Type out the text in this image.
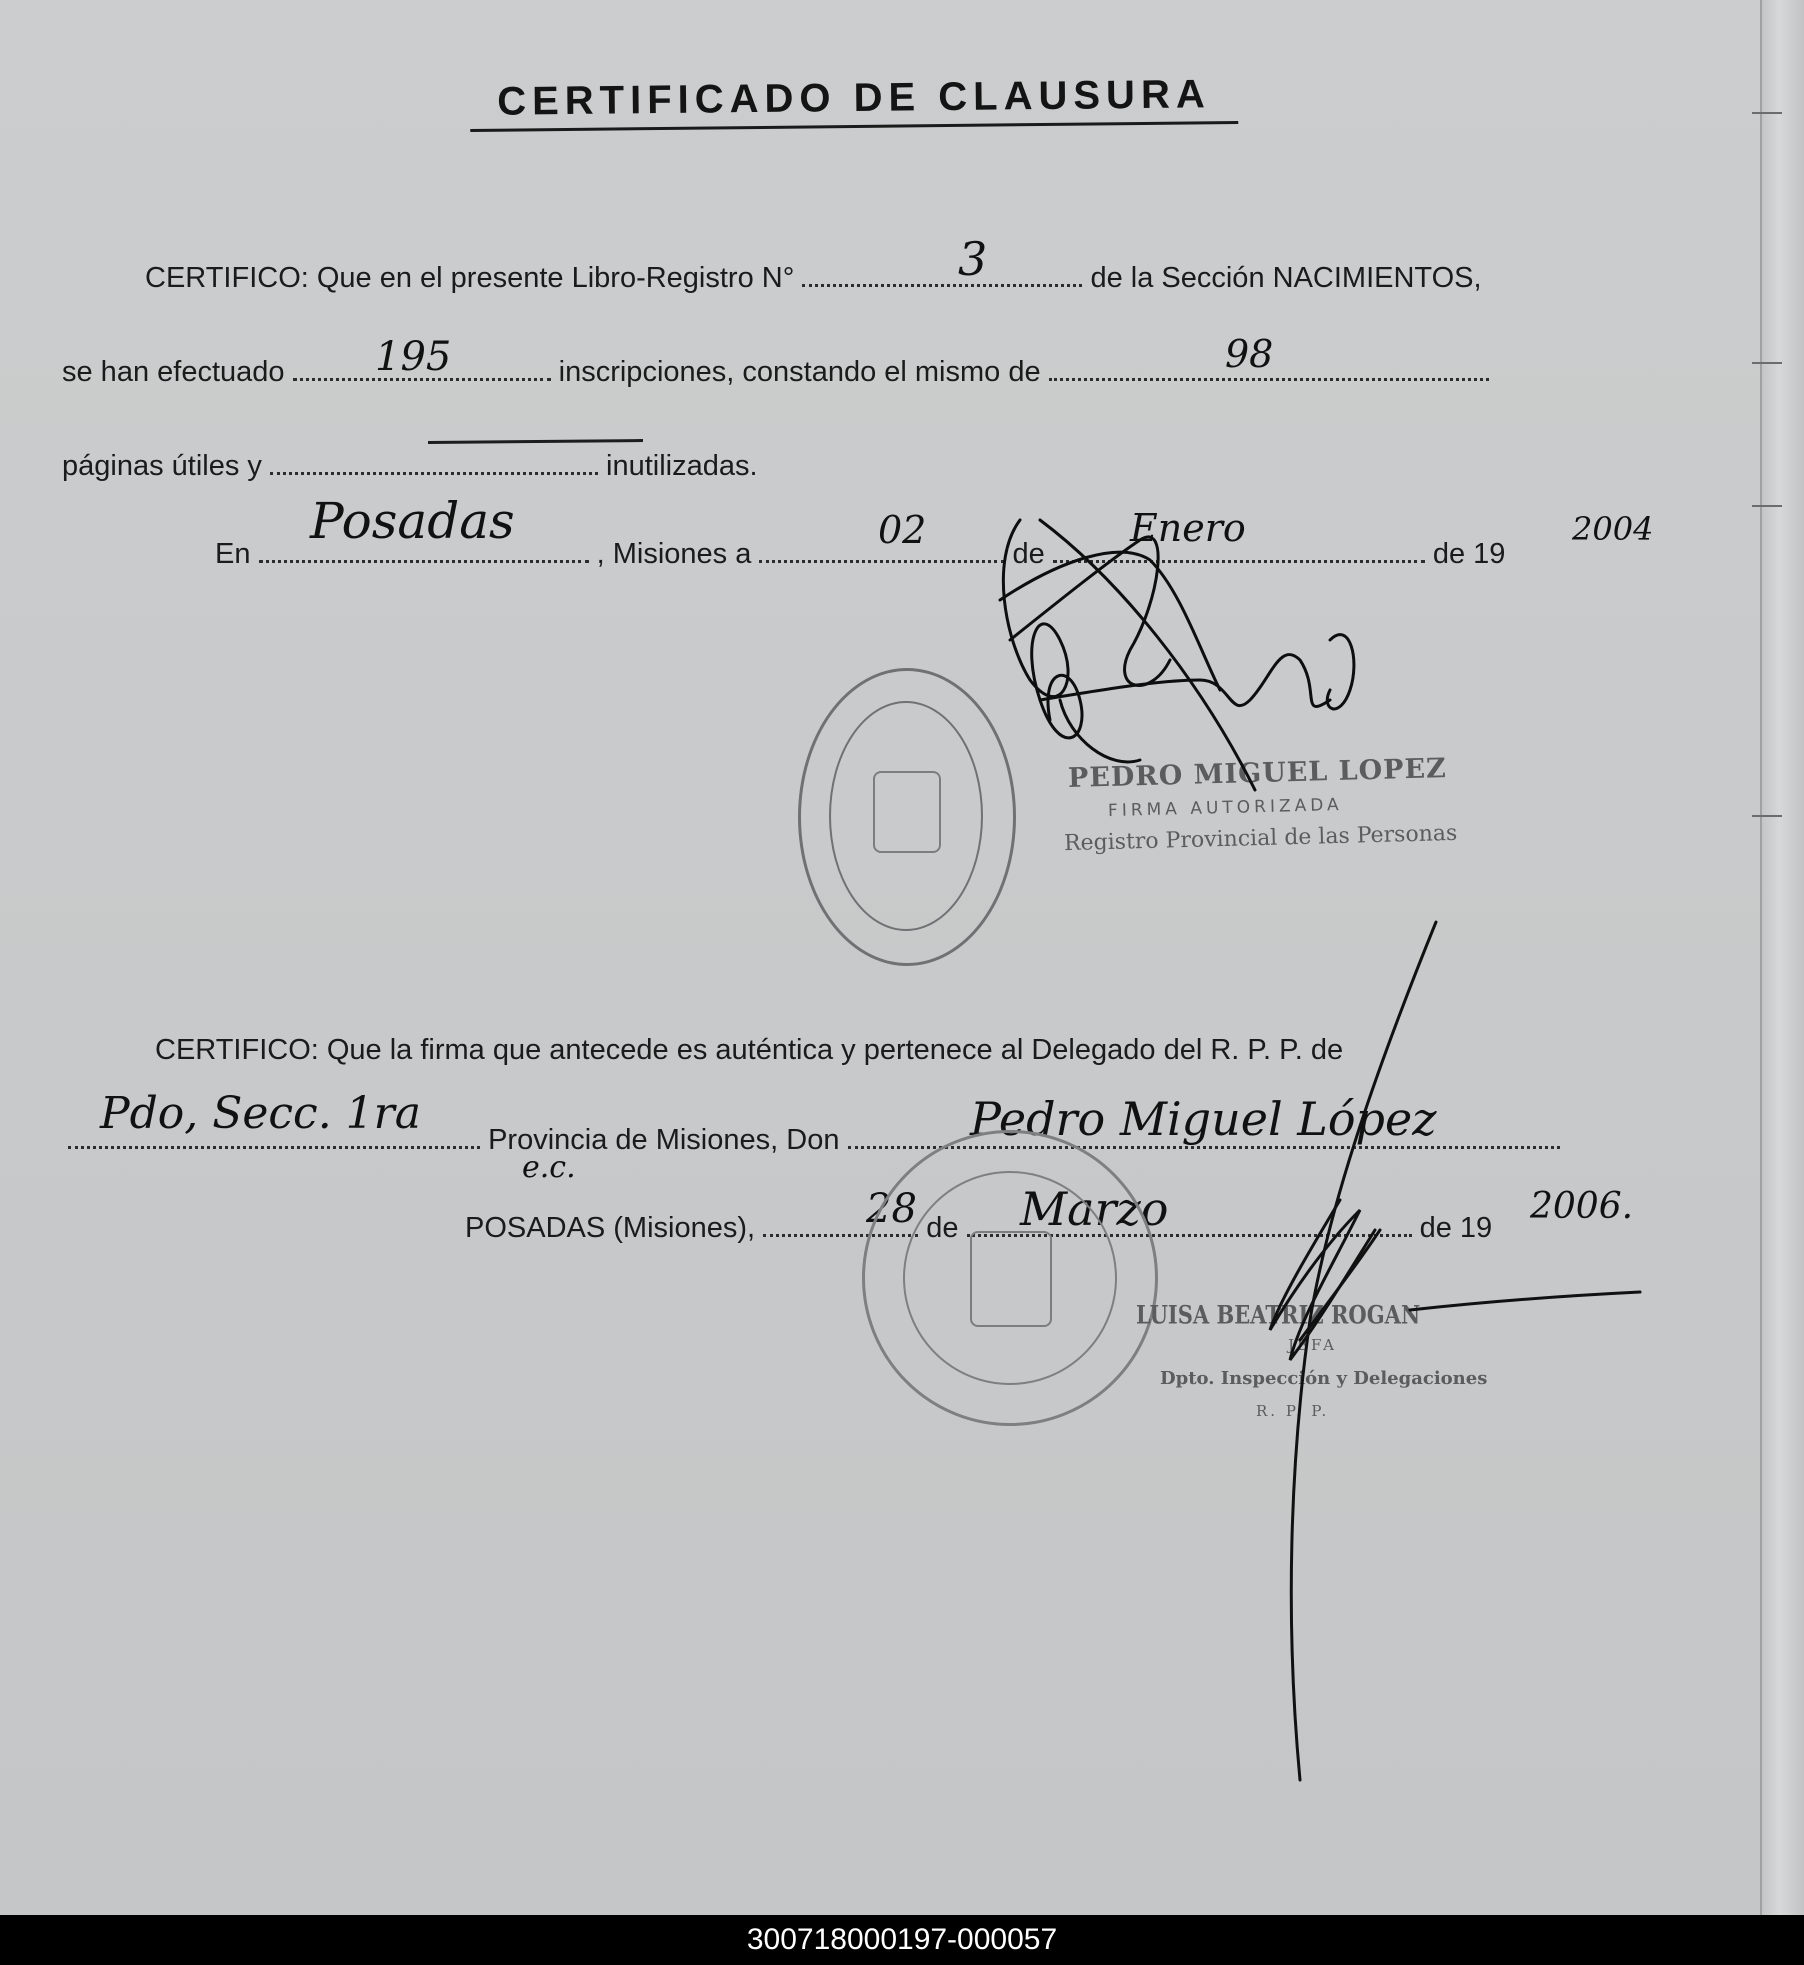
CERTIFICADO DE CLAUSURA
CERTIFICO: Que en el presente Libro-Registro N°	de la Sección NACIMIENTOS,
3
se han efectuado	inscripciones, constando el mismo de
195	98
páginas útiles y	inutilizadas.
En	, Misiones a	de	de 19
Posadas	02	Enero	2004
PEDRO MIGUEL LOPEZ
FIRMA AUTORIZADA
Registro Provincial de las Personas
CERTIFICO: Que la firma que antecede es auténtica y pertenece al Delegado del R. P. P. de
Provincia de Misiones, Don
Pdo, Secc. 1ra
e.c.
Pedro Miguel López
POSADAS (Misiones),	de	de 19
28 Marzo	2006.
LUISA BEATRIZ ROGAN
JEFA
Dpto. Inspección y Delegaciones
R. P. P.
300718000197-000057
